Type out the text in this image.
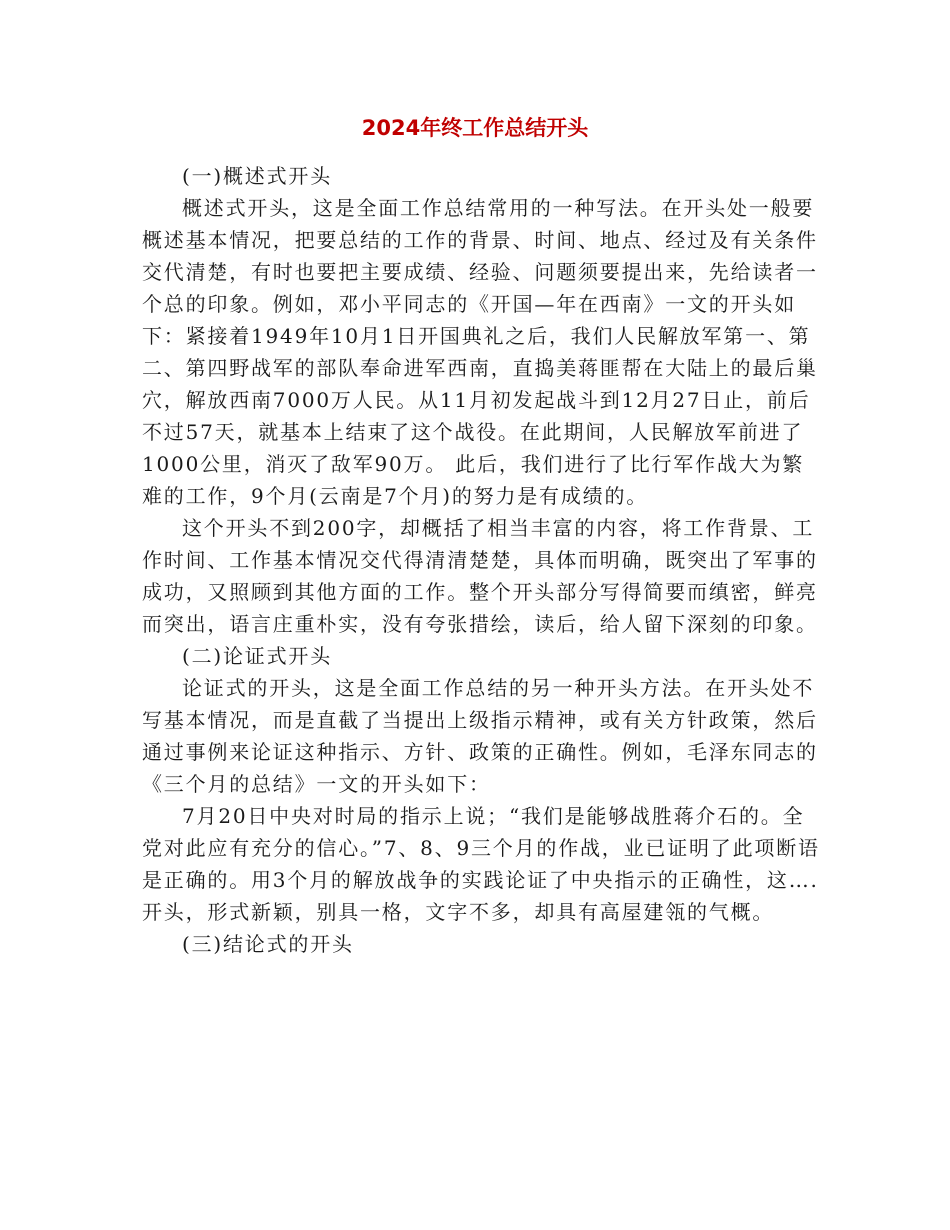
2024年终工作总结开头

(一)概述式开头

概述式开头，这是全面工作总结常用的一种写法。在开头处一般要概述基本情况，把要总结的工作的背景、时间、地点、经过及有关条件交代清楚，有时也要把主要成绩、经验、问题须要提出来，先给读者一个总的印象。例如，邓小平同志的《开国—年在西南》一文的开头如下：紧接着1949年10月1日开国典礼之后，我们人民解放军第一、第二、第四野战军的部队奉命进军西南，直捣美蒋匪帮在大陆上的最后巢穴，解放西南7000万人民。从11月初发起战斗到12月27日止，前后不过57天，就基本上结束了这个战役。在此期间，人民解放军前进了1000公里，消灭了敌军90万。 此后，我们进行了比行军作战大为繁难的工作，9个月(云南是7个月)的努力是有成绩的。

这个开头不到200字，却概括了相当丰富的内容，将工作背景、工作时间、工作基本情况交代得清清楚楚，具体而明确，既突出了军事的成功，又照顾到其他方面的工作。整个开头部分写得简要而缜密，鲜亮而突出，语言庄重朴实，没有夸张措绘，读后，给人留下深刻的印象。

(二)论证式开头

论证式的开头，这是全面工作总结的另一种开头方法。在开头处不写基本情况，而是直截了当提出上级指示精神，或有关方针政策，然后通过事例来论证这种指示、方针、政策的正确性。例如，毛泽东同志的《三个月的总结》一文的开头如下：

7月20日中央对时局的指示上说；“我们是能够战胜蒋介石的。全党对此应有充分的信心。”7、8、9三个月的作战，业已证明了此项断语是正确的。用3个月的解放战争的实践论证了中央指示的正确性，这….开头，形式新颖，别具一格，文字不多，却具有高屋建瓴的气概。

(三)结论式的开头
